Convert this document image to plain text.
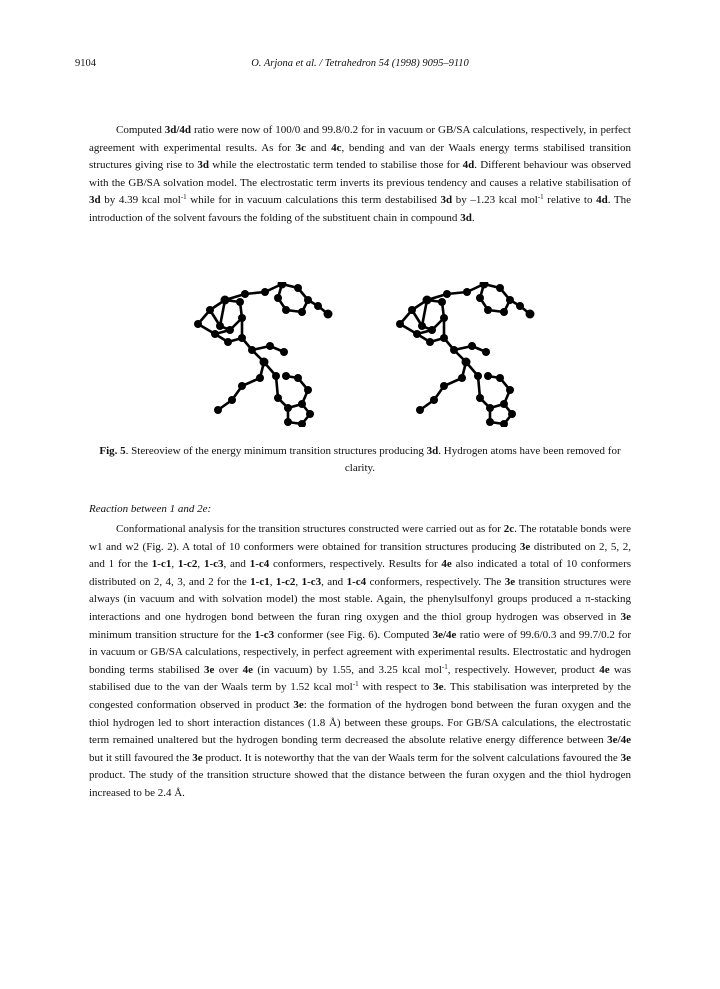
9104	O. Arjona et al. / Tetrahedron 54 (1998) 9095–9110

Computed 3d/4d ratio were now of 100/0 and 99.8/0.2 for in vacuum or GB/SA calculations, respectively, in perfect agreement with experimental results. As for 3c and 4c, bending and van der Waals energy terms stabilised transition structures giving rise to 3d while the electrostatic term tended to stabilise those for 4d. Different behaviour was observed with the GB/SA solvation model. The electrostatic term inverts its previous tendency and causes a relative stabilisation of 3d by 4.39 kcal mol$^{-1}$ while for in vacuum calculations this term destabilised 3d by –1.23 kcal mol$^{-1}$ relative to 4d. The introduction of the solvent favours the folding of the substituent chain in compound 3d.

Fig. 5. Stereoview of the energy minimum transition structures producing 3d. Hydrogen atoms have been removed for clarity.
Reaction between 1 and 2e:

Conformational analysis for the transition structures constructed were carried out as for 2c. The rotatable bonds were w1 and w2 (Fig. 2). A total of 10 conformers were obtained for transition structures producing 3e distributed on 2, 5, 2, and 1 for the 1-c1, 1-c2, 1-c3, and 1-c4 conformers, respectively. Results for 4e also indicated a total of 10 conformers distributed on 2, 4, 3, and 2 for the 1-c1, 1-c2, 1-c3, and 1-c4 conformers, respectively. The 3e transition structures were always (in vacuum and with solvation model) the most stable. Again, the phenylsulfonyl groups produced a π-stacking interactions and one hydrogen bond between the furan ring oxygen and the thiol group hydrogen was observed in 3e minimum transition structure for the 1-c3 conformer (see Fig. 6). Computed 3e/4e ratio were of 99.6/0.3 and 99.7/0.2 for in vacuum or GB/SA calculations, respectively, in perfect agreement with experimental results. Electrostatic and hydrogen bonding terms stabilised 3e over 4e (in vacuum) by 1.55, and 3.25 kcal mol$^{-1}$, respectively. However, product 4e was stabilised due to the van der Waals term by 1.52 kcal mol$^{-1}$ with respect to 3e. This stabilisation was interpreted by the congested conformation observed in product 3e: the formation of the hydrogen bond between the furan oxygen and the thiol hydrogen led to short interaction distances (1.8 Å) between these groups. For GB/SA calculations, the electrostatic term remained unaltered but the hydrogen bonding term decreased the absolute relative energy difference between 3e/4e but it still favoured the 3e product. It is noteworthy that the van der Waals term for the solvent calculations favoured the 3e product. The study of the transition structure showed that the distance between the furan oxygen and the thiol hydrogen increased to be 2.4 Å.
